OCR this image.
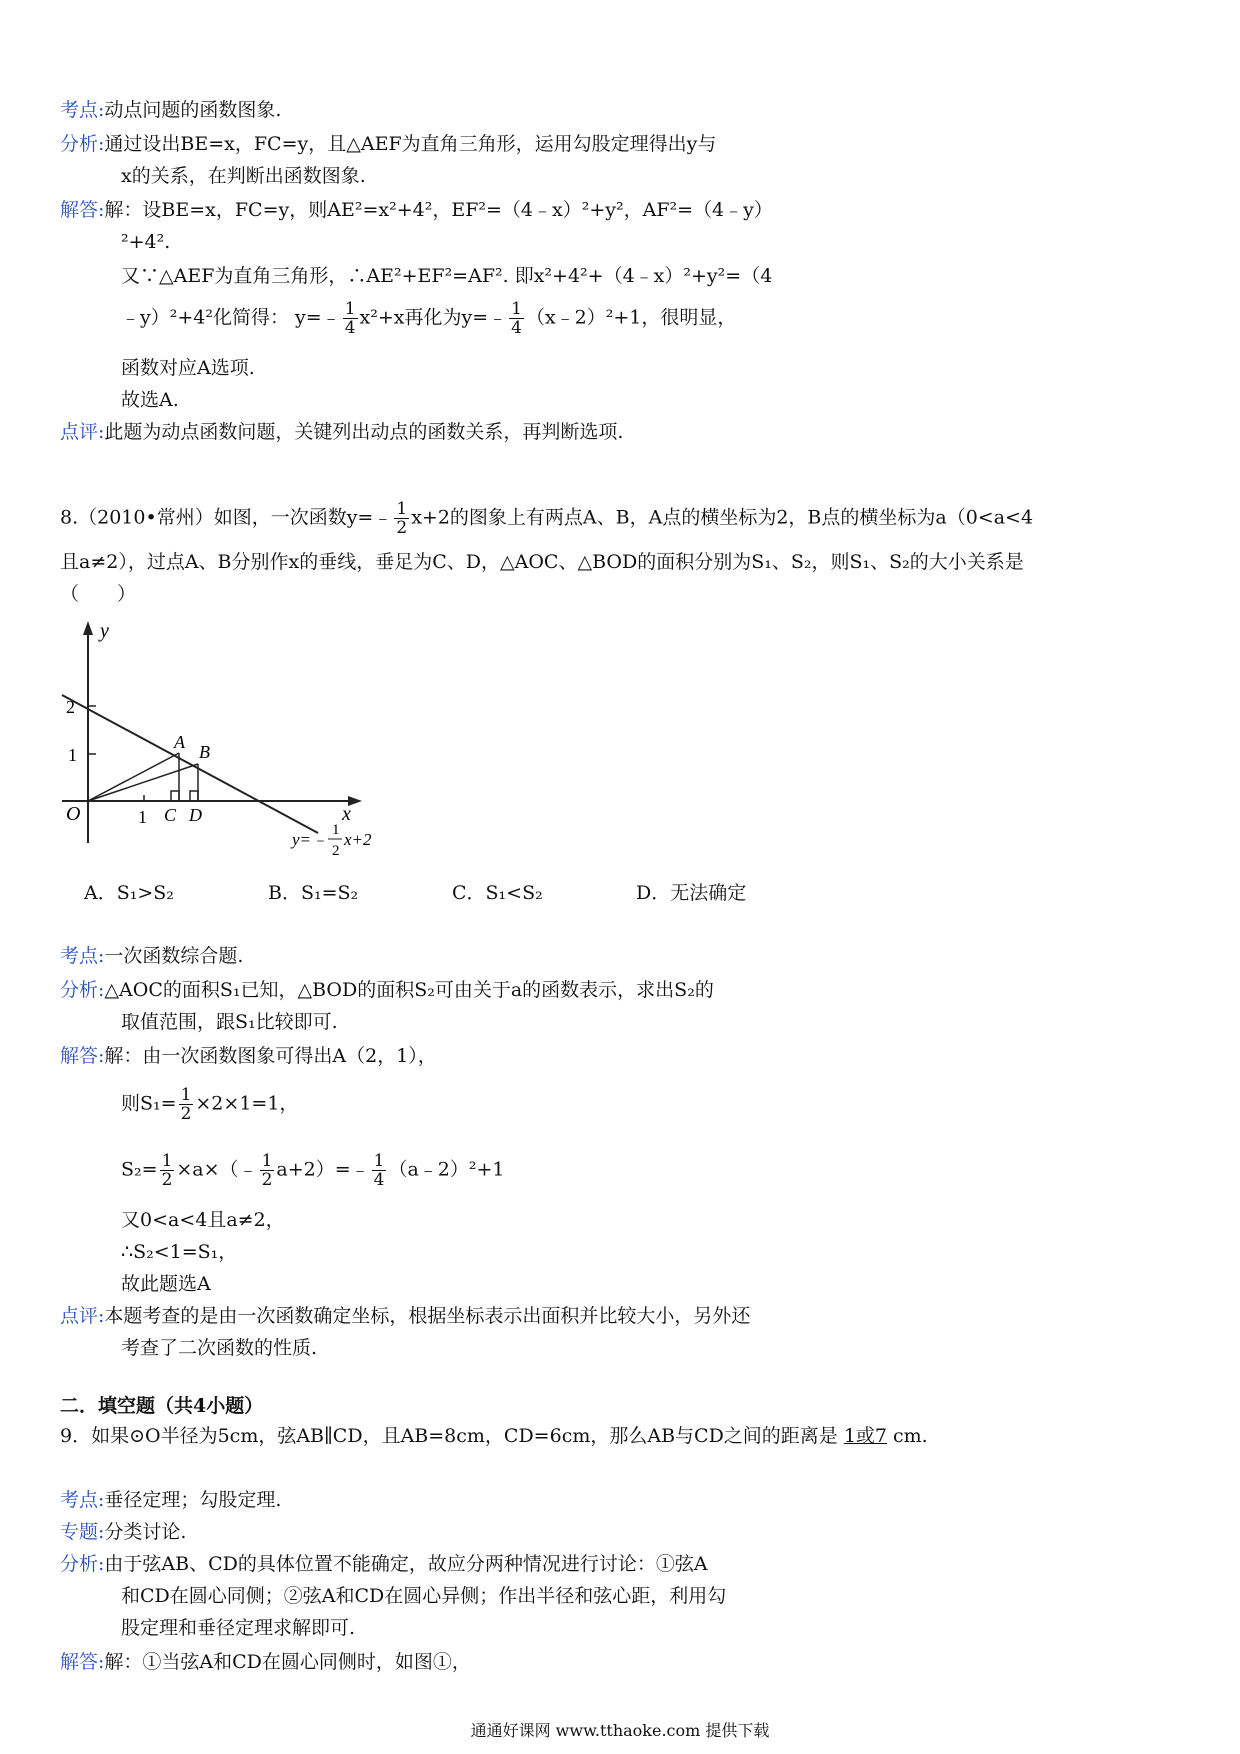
考点:动点问题的函数图象.
分析:通过设出BE=x，FC=y，且△AEF为直角三角形，运用勾股定理得出y与
x的关系，在判断出函数图象.
解答:解：设BE=x，FC=y，则AE²=x²+4²，EF²=（4﹣x）²+y²，AF²=（4﹣y）
²+4².
又∵△AEF为直角三角形，∴AE²+EF²=AF². 即x²+4²+（4﹣x）²+y²=（4
﹣y）²+4²化简得： y=﹣ $\frac{1}{4} x^2+x$再化为y=﹣ $\frac{1}{4}$ （x﹣2）²+1，很明显，
函数对应A选项.
故选A.
点评:此题为动点函数问题，关键列出动点的函数关系，再判断选项.
8.（2010•常州）如图，一次函数y=﹣ $\frac{1}{2} x+2$的图象上有两点A、B，A点的横坐标为2，B点的横坐标为a（0<a<4
且a≠2），过点A、B分别作x的垂线，垂足为C、D，△AOC、△BOD的面积分别为S₁、S₂，则S₁、S₂的大小关系是
（　　）
y
x
O
2
1
1
A B
C D
y=﹣ 1
2
x+2
A．S₁>S₂	B．S₁=S₂	C．S₁<S₂	D．无法确定
考点:一次函数综合题.
分析:△AOC的面积S₁已知，△BOD的面积S₂可由关于a的函数表示，求出S₂的
取值范围，跟S₁比较即可.
解答:解：由一次函数图象可得出A（2，1），
则$S_1= \frac{1}{2} \times 2\times 1=1$，
$S_2= \frac{1}{2}$ ×a×（﹣ $\frac{1}{2}$ a+2）=﹣ $\frac{1}{4}$ （a﹣2）²+1
又0<a<4且a≠2，
∴S₂<1=S₁，
故此题选A
点评:本题考查的是由一次函数确定坐标，根据坐标表示出面积并比较大小，另外还
考查了二次函数的性质.
二．填空题（共4小题）
9．如果⊙O半径为5cm，弦AB∥CD，且AB=8cm，CD=6cm，那么AB与CD之间的距离是 1或7 cm.
考点:垂径定理；勾股定理.
专题:分类讨论.
分析:由于弦AB、CD的具体位置不能确定，故应分两种情况进行讨论：①弦A
和CD在圆心同侧；②弦A和CD在圆心异侧；作出半径和弦心距，利用勾
股定理和垂径定理求解即可.
解答:解：①当弦A和CD在圆心同侧时，如图①，
通通好课网 www.tthaoke.com 提供下载
